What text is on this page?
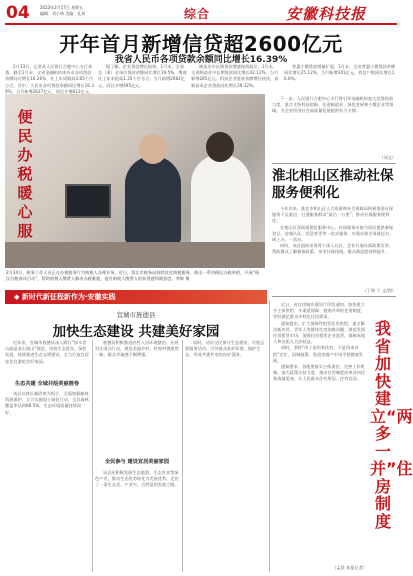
04	2023年2月17日 星期五
编辑：刘小林 美编：孔妍	综合	安徽科技报
开年首月新增信贷超2600亿元
我省人民币各项贷款余额同比增长16.39%

2月13日，记者从人民银行合肥中心支行获悉，截至1月末，全省金融机构本外币各项贷款余额同比增长16.26%，比上年同期高3.85个百分点。其中，人民币各项贷款余额同比增长16.39%，当月新增2637亿元，同比多增613亿元，

据了解，企业贷款增长较快，1月末，全省企（事）业单位贷款余额同比增长19.5%，增速比上年末提高1.35个百分点；当月新增2082亿元，同比多增495亿元。

制造业中长期贷款增速保持高位，1月末，全省制造业中长期贷款同比增长42.12%，当月新增285亿元。科技企业贷款余额增长较快，高新技术企业贷款同比增长29.32%。

普惠小微贷款增量扩面，1月末，全省普惠小微贷款余额同比增长25.12%，当月新增341亿元，授信户数同比增长16.8%。

下一步，人民银行合肥中心支行将引导金融机构加大信贷投放力度，重点支持科技创新、先进制造业、绿色发展和小微企业等领域，为全省经济社会高质量发展提供有力支撑。

（刘文）
便民办税 暖心服
2月14日，税务工作人员正在办税服务厅为纳税人办理业务。近日，淮北市税务局持续优化纳税服务，推出一系列便民办税举措，开展“便民办税春风行动”，帮助纳税人缴费人解决办税难题，提升纳税人缴费人的获得感和满意度。李辉 摄
淮北相山区推动社保服务便利化

今年以来，淮北市相山区人力资源和社会保障局积极推进社保服务下沉基层，打通服务群众“最后一公里”，推动社保服务便利化。

在相山区各街道便民服务中心，社保服务专窗为居民提供参保登记、待遇认证、信息变更等一站式服务，实现社保业务就近办、网上办、一次办。

同时，该区组织业务骨干深入社区、企业开展社保政策宣讲，帮助群众了解参保政策、享受社保待遇，群众满意度持续提升。

（丁婷 丫 文/图）
◆ 新时代新征程新作为·安徽实践
宣城市旌德县
加快生态建设 共建美好家园

近年来，宣城市旌德县深入践行“绿水青山就是金山银山”理念，坚持生态优先、绿色发展，持续推进生态文明建设，全力打造宜居宜业宜游的美好家园。

生态共建 全域共绘美丽画卷

该县以林长制改革为抓手，全面加强森林资源保护，大力实施国土绿化行动，全县森林覆盖率达到68.5%，生态环境质量持续向好。

旌德县积极推进农村人居环境整治，开展村庄清洁行动，建设美丽乡村，村容村貌焕然一新，群众幸福感不断增强。

全民参与 建设宜居美丽家园

该县还积极发展生态旅游、生态农业等绿色产业，推动生态优势转化为发展优势，走出了一条生态美、产业兴、百姓富的发展之路。

同时，动员全民参与生态建设，开展志愿服务活动，引导群众爱护环境、保护生态，形成共建共享的良好氛围。

近日，省住房城乡建设厅印发通知，加快建立多主体供给、多渠道保障、租购并举的住房制度，更好满足群众多样化住房需求。

通知提出，扩大保障性租赁住房供给，重点解决新市民、青年人等群体住房困难问题；规范发展住房租赁市场，加强住房租赁企业监管，保障承租人和出租人合法权益。

同时，坚持“房子是用来住的、不是用来炒的”定位，因城施策，促进房地产市场平稳健康发展。

通知要求，各地要落实主体责任，完善工作机制，加大政策支持力度，推动住房制度改革各项任务落地见效，让人民群众住有所居、住有宜居。

（孟晨 本报记者）
我省加快建立“两多一并”住房制度
